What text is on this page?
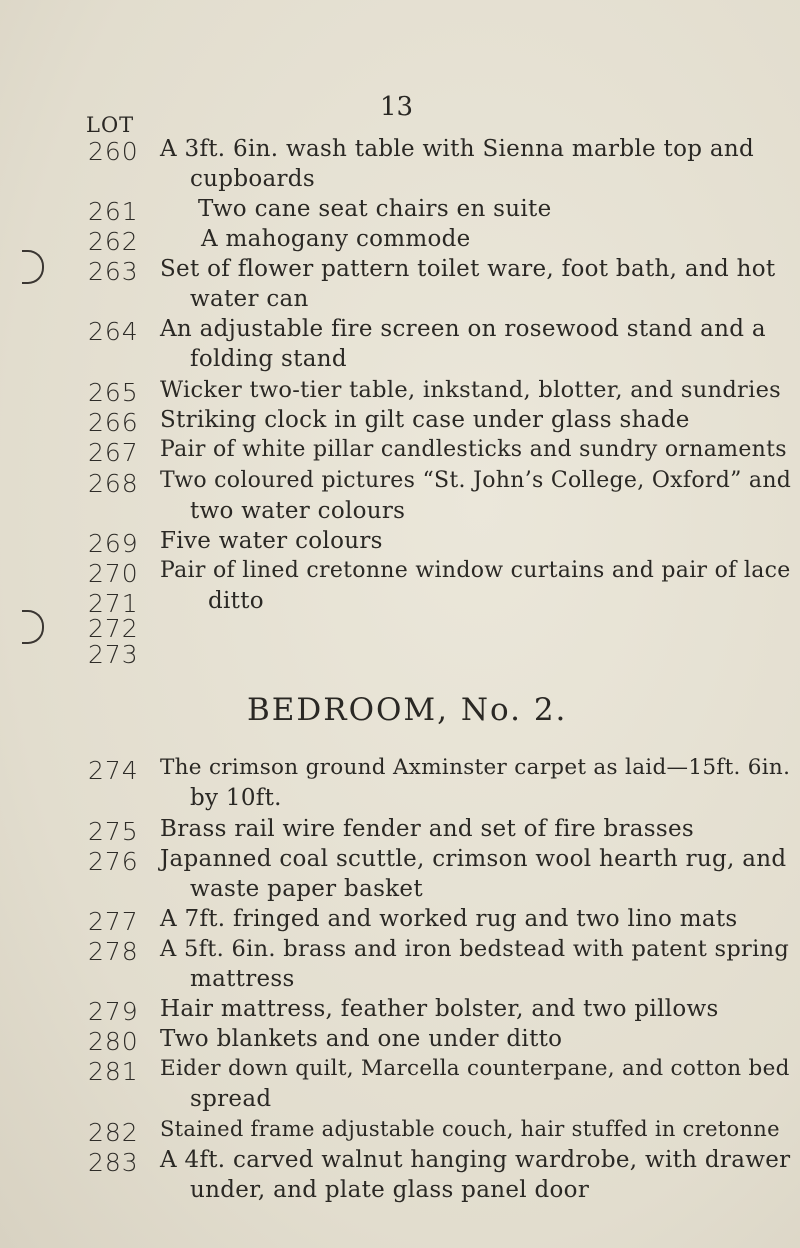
13
LOT
BEDROOM, No. 2.
260
261
262
263
264
265
266
267
268
269
270
271
272
273
274
275
276
277
278
279
280
281
282
283
A 3ft. 6in. wash table with Sienna marble top and
cupboards
Two cane seat chairs en suite
A mahogany commode
Set of flower pattern toilet ware, foot bath, and hot
water can
An adjustable fire screen on rosewood stand and a
folding stand
Wicker two-tier table, inkstand, blotter, and sundries
Striking clock in gilt case under glass shade
Pair of white pillar candlesticks and sundry ornaments
Two coloured pictures “St. John’s College, Oxford” and
two water colours
Five water colours
Pair of lined cretonne window curtains and pair of lace
ditto
The crimson ground Axminster carpet as laid—15ft. 6in.
by 10ft.
Brass rail wire fender and set of fire brasses
Japanned coal scuttle, crimson wool hearth rug, and
waste paper basket
A 7ft. fringed and worked rug and two lino mats
A 5ft. 6in. brass and iron bedstead with patent spring
mattress
Hair mattress, feather bolster, and two pillows
Two blankets and one under ditto
Eider down quilt, Marcella counterpane, and cotton bed
spread
Stained frame adjustable couch, hair stuffed in cretonne
A 4ft. carved walnut hanging wardrobe, with drawer
under, and plate glass panel door
